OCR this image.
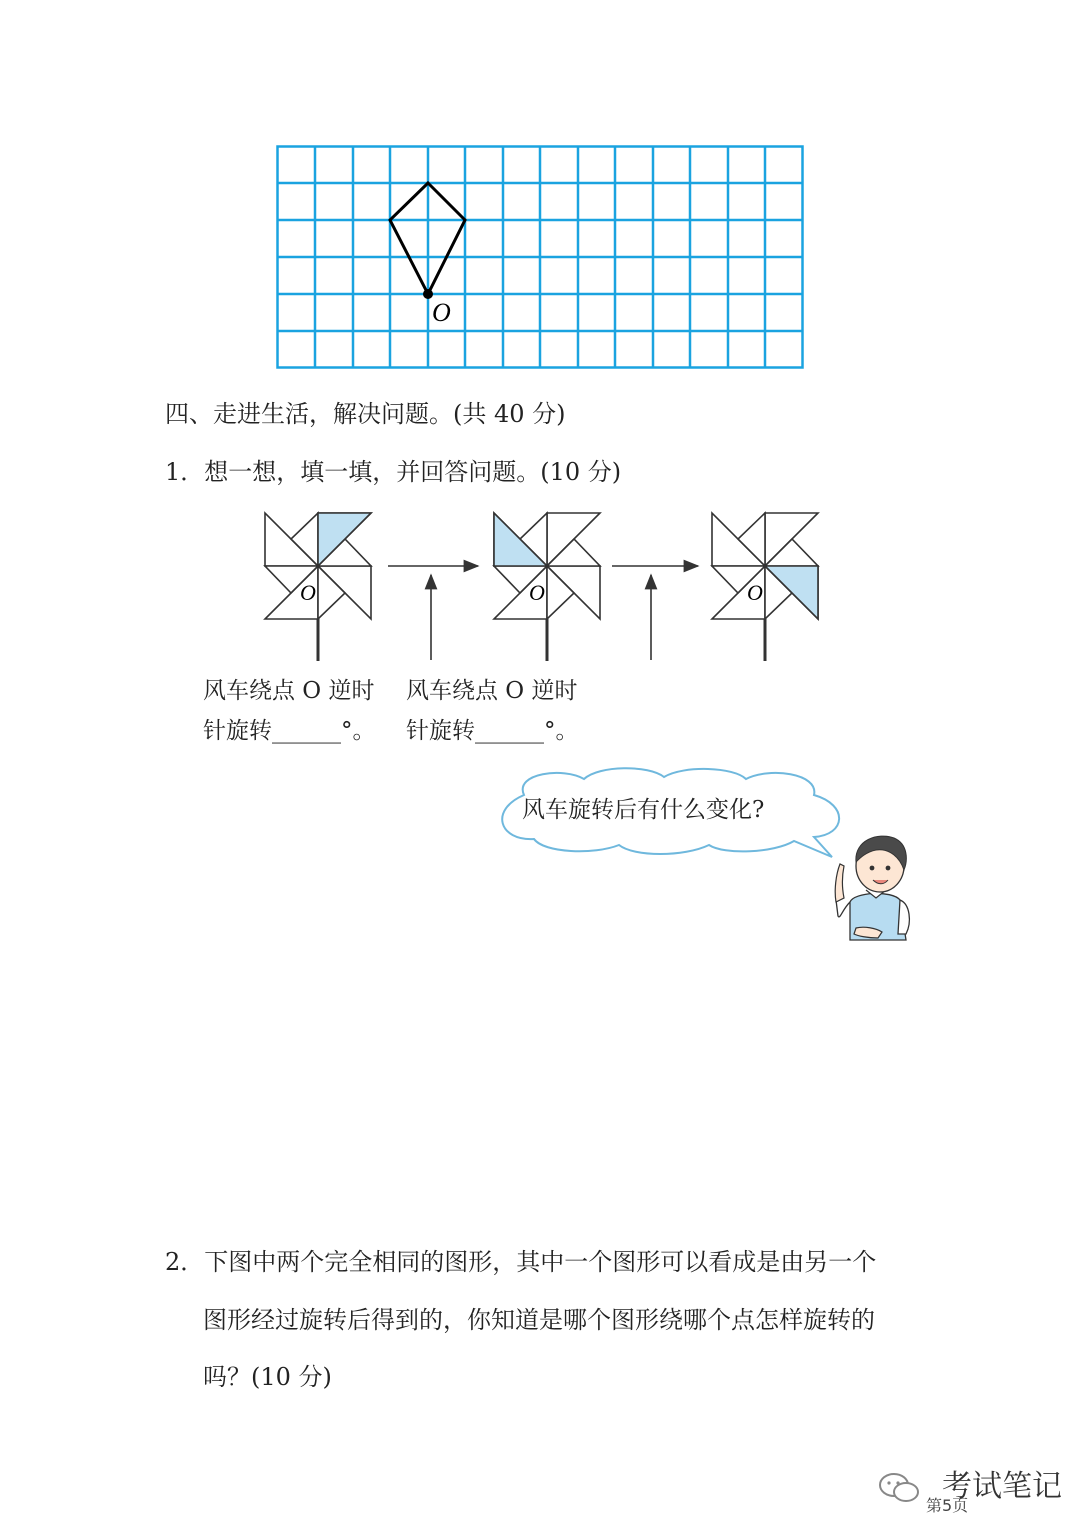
O
四、走进生活，解决问题。(共 40 分)
1．想一想，填一填，并回答问题。(10 分)
O	O	O
风车绕点 O 逆时
针旋转______°。
风车绕点 O 逆时
针旋转______°。
风车旋转后有什么变化?
2．下图中两个完全相同的图形，其中一个图形可以看成是由另一个
图形经过旋转后得到的，你知道是哪个图形绕哪个点怎样旋转的
吗？(10 分)
第5页
考试笔记
